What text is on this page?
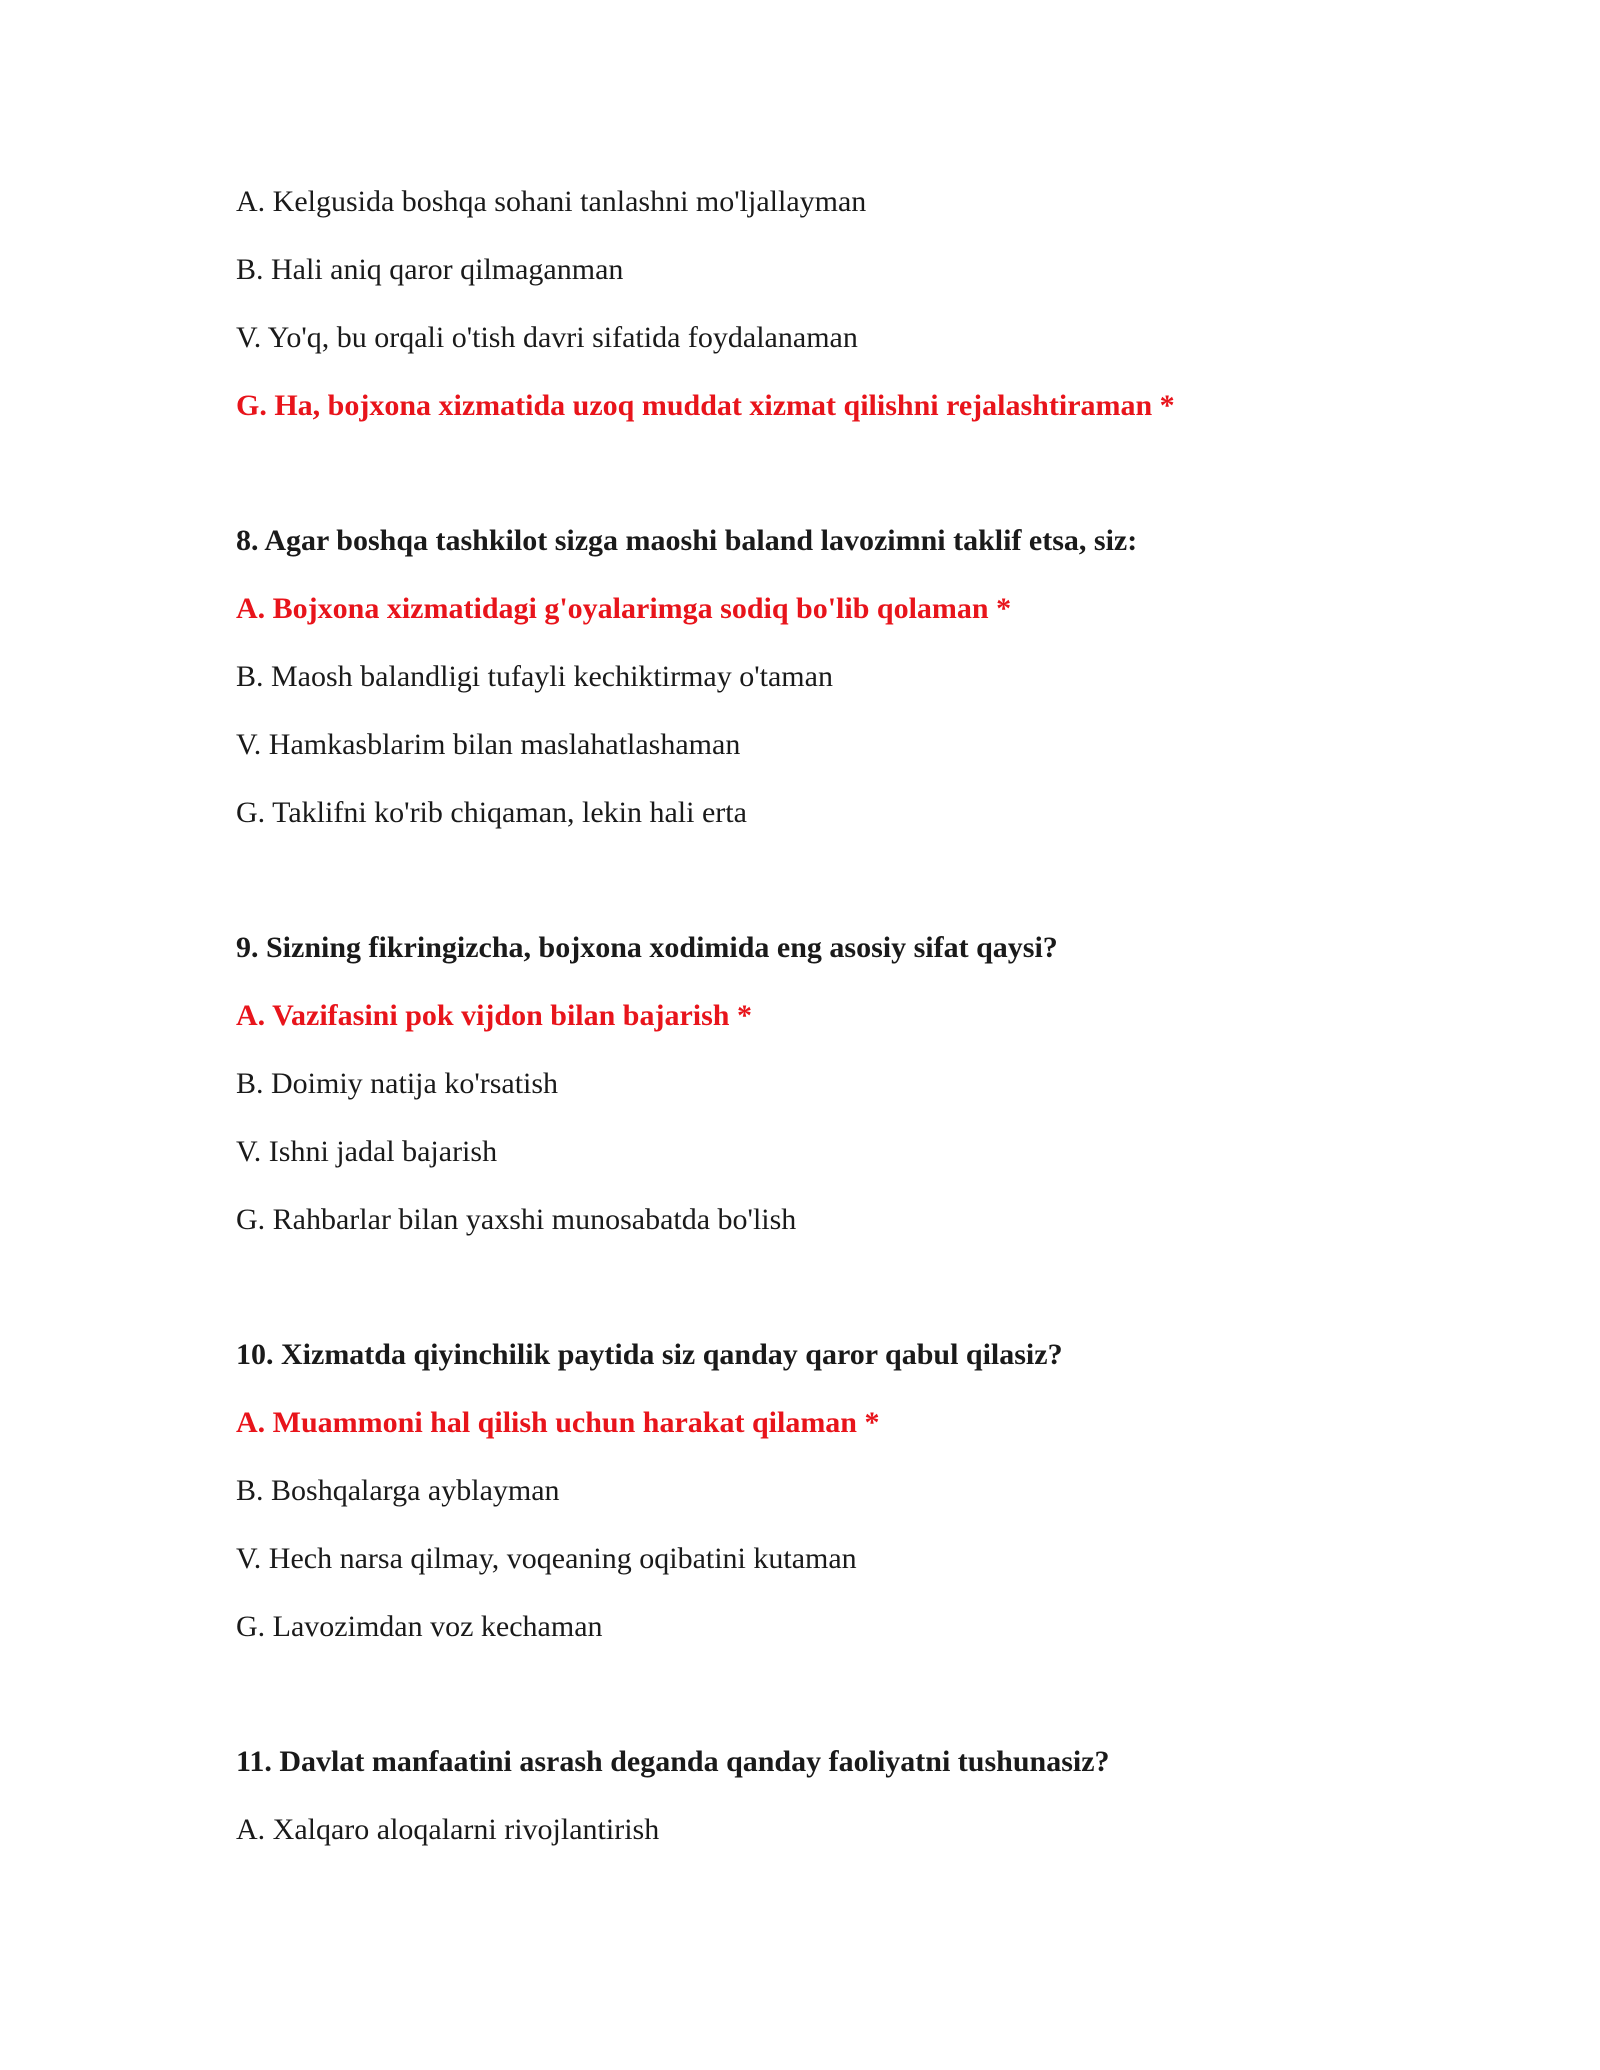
A. Kelgusida boshqa sohani tanlashni mo'ljallayman
B. Hali aniq qaror qilmaganman
V. Yo'q, bu orqali o'tish davri sifatida foydalanaman
G. Ha, bojxona xizmatida uzoq muddat xizmat qilishni rejalashtiraman *
8. Agar boshqa tashkilot sizga maoshi baland lavozimni taklif etsa, siz:
A. Bojxona xizmatidagi g'oyalarimga sodiq bo'lib qolaman *
B. Maosh balandligi tufayli kechiktirmay o'taman
V. Hamkasblarim bilan maslahatlashaman
G. Taklifni ko'rib chiqaman, lekin hali erta
9. Sizning fikringizcha, bojxona xodimida eng asosiy sifat qaysi?
A. Vazifasini pok vijdon bilan bajarish *
B. Doimiy natija ko'rsatish
V. Ishni jadal bajarish
G. Rahbarlar bilan yaxshi munosabatda bo'lish
10. Xizmatda qiyinchilik paytida siz qanday qaror qabul qilasiz?
A. Muammoni hal qilish uchun harakat qilaman *
B. Boshqalarga ayblayman
V. Hech narsa qilmay, voqeaning oqibatini kutaman
G. Lavozimdan voz kechaman
11. Davlat manfaatini asrash deganda qanday faoliyatni tushunasiz?
A. Xalqaro aloqalarni rivojlantirish
